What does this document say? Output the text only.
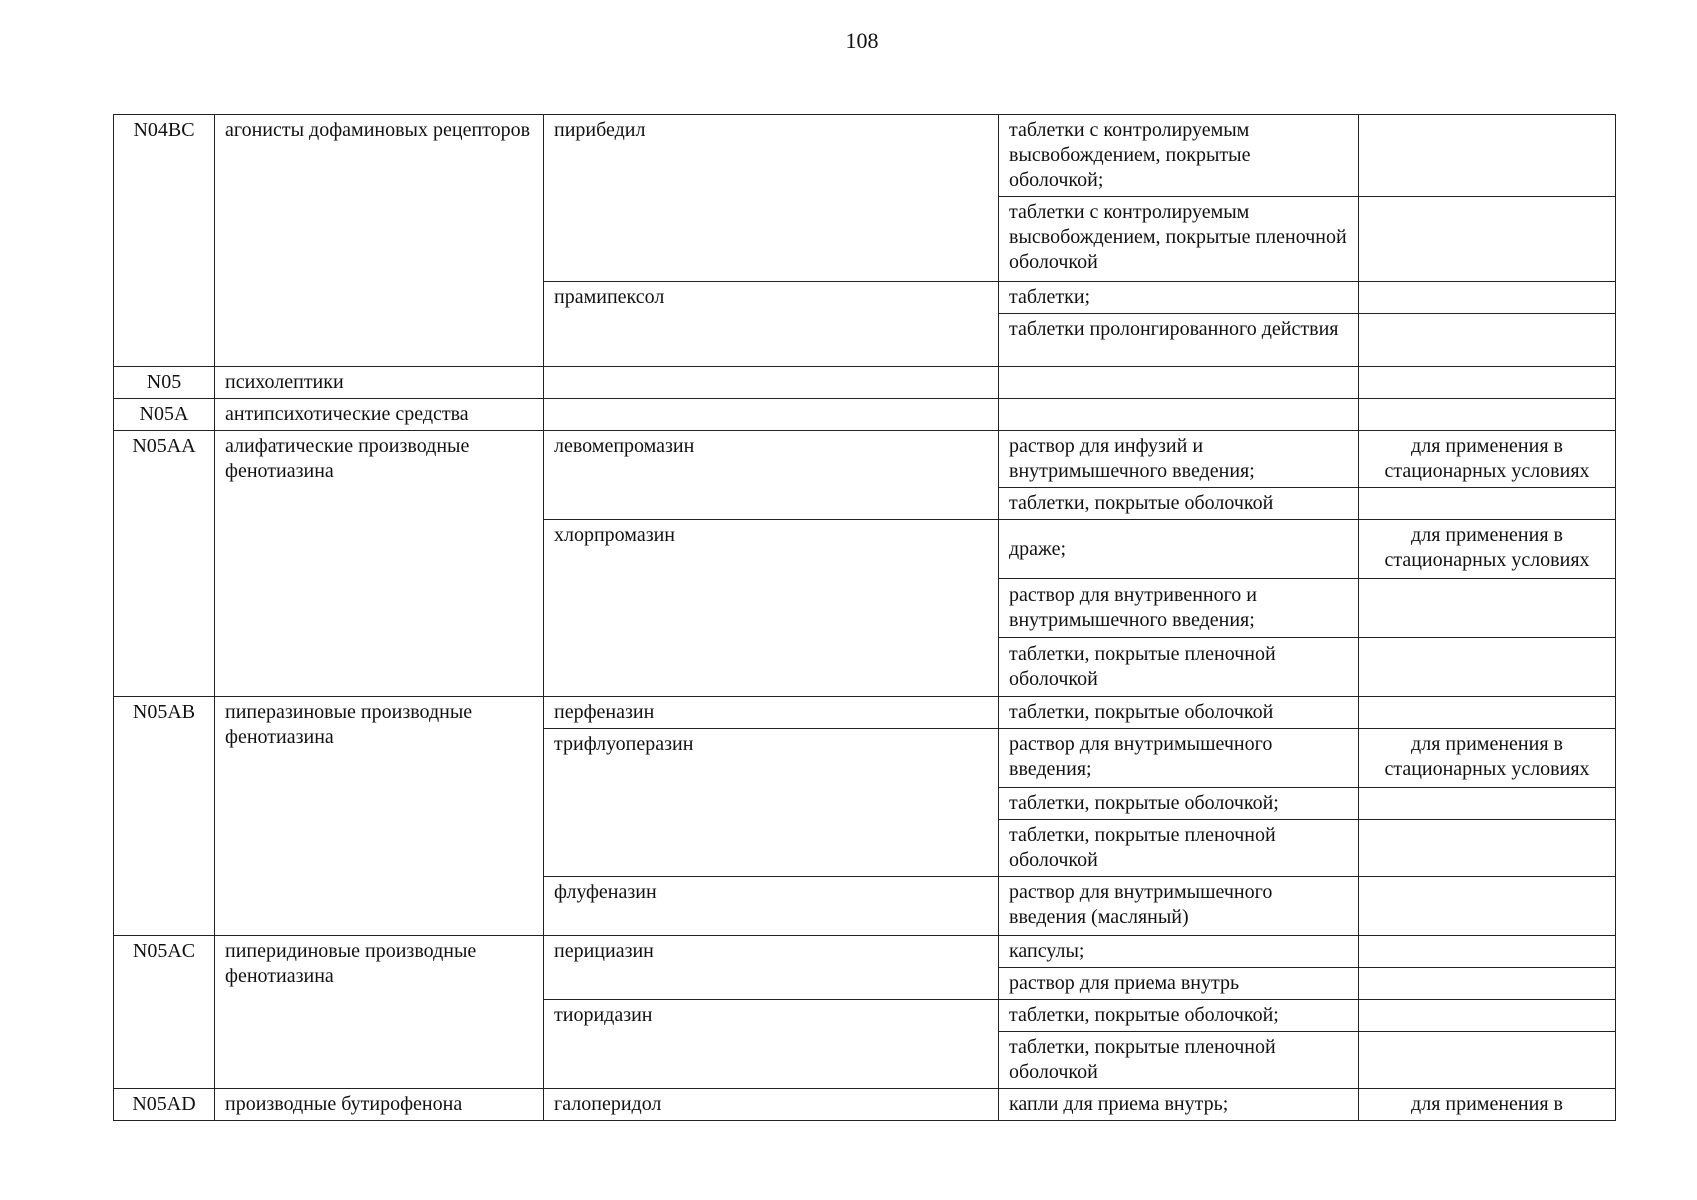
108
N04BC	агонисты дофаминовых рецепторов	пирибедил	таблетки с контролируемым высвобождением, покрытые оболочкой;	
			таблетки с контролируемым высвобождением, покрытые пленочной оболочкой	
		прамипексол	таблетки;	
			таблетки пролонгированного действия	
N05	психолептики			
N05A	антипсихотические средства			
N05AA	алифатические производные фенотиазина	левомепромазин	раствор для инфузий и внутримышечного введения;	для применения в стационарных условиях
			таблетки, покрытые оболочкой	
		хлорпромазин	драже;	для применения в стационарных условиях
			раствор для внутривенного и внутримышечного введения;	
			таблетки, покрытые пленочной оболочкой	
N05AB	пиперазиновые производные фенотиазина	перфеназин	таблетки, покрытые оболочкой	
		трифлуоперазин	раствор для внутримышечного введения;	для применения в стационарных условиях
			таблетки, покрытые оболочкой;	
			таблетки, покрытые пленочной оболочкой	
		флуфеназин	раствор для внутримышечного введения (масляный)	
N05AC	пиперидиновые производные фенотиазина	перициазин	капсулы;	
			раствор для приема внутрь	
		тиоридазин	таблетки, покрытые оболочкой;	
			таблетки, покрытые пленочной оболочкой	
N05AD	производные бутирофенона	галоперидол	капли для приема внутрь;	для применения в
